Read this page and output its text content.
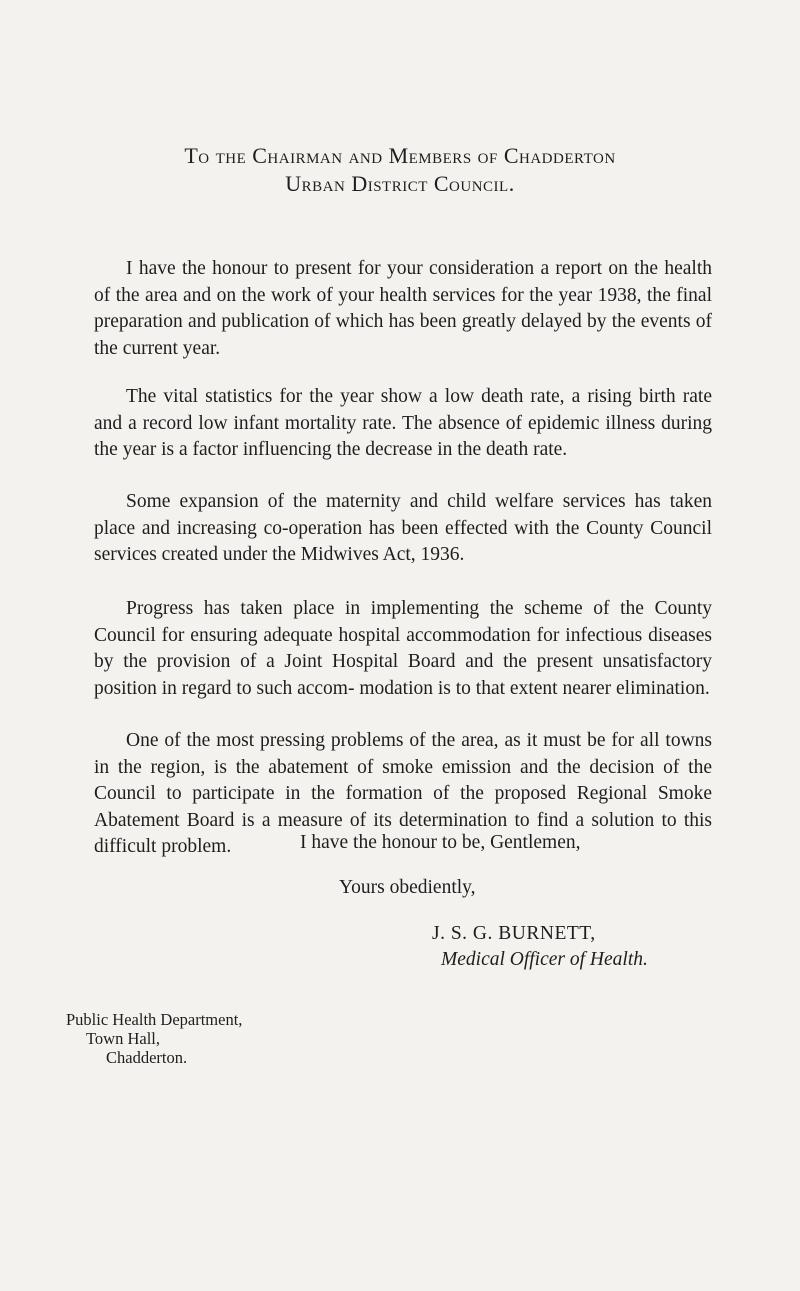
To the Chairman and Members of Chadderton
Urban District Council.

I have the honour to present for your consideration a report on the health of the area and on the work of your health services for the year 1938, the final preparation and publication of which has been greatly delayed by the events of the current year.

The vital statistics for the year show a low death rate, a rising birth rate and a record low infant mortality rate. The absence of epidemic illness during the year is a factor influencing the decrease in the death rate.

Some expansion of the maternity and child welfare services has taken place and increasing co-operation has been effected with the County Council services created under the Midwives Act, 1936.

Progress has taken place in implementing the scheme of the County Council for ensuring adequate hospital accommodation for infectious diseases by the provision of a Joint Hospital Board and the present unsatisfactory position in regard to such accom- modation is to that extent nearer elimination.

One of the most pressing problems of the area, as it must be for all towns in the region, is the abatement of smoke emission and the decision of the Council to participate in the formation of the proposed Regional Smoke Abatement Board is a measure of its determination to find a solution to this difficult problem.	I have the honour to be, Gentlemen,
Yours obediently,
J. S. G. BURNETT,
Medical Officer of Health.
Public Health Department,
Town Hall,
Chadderton.
